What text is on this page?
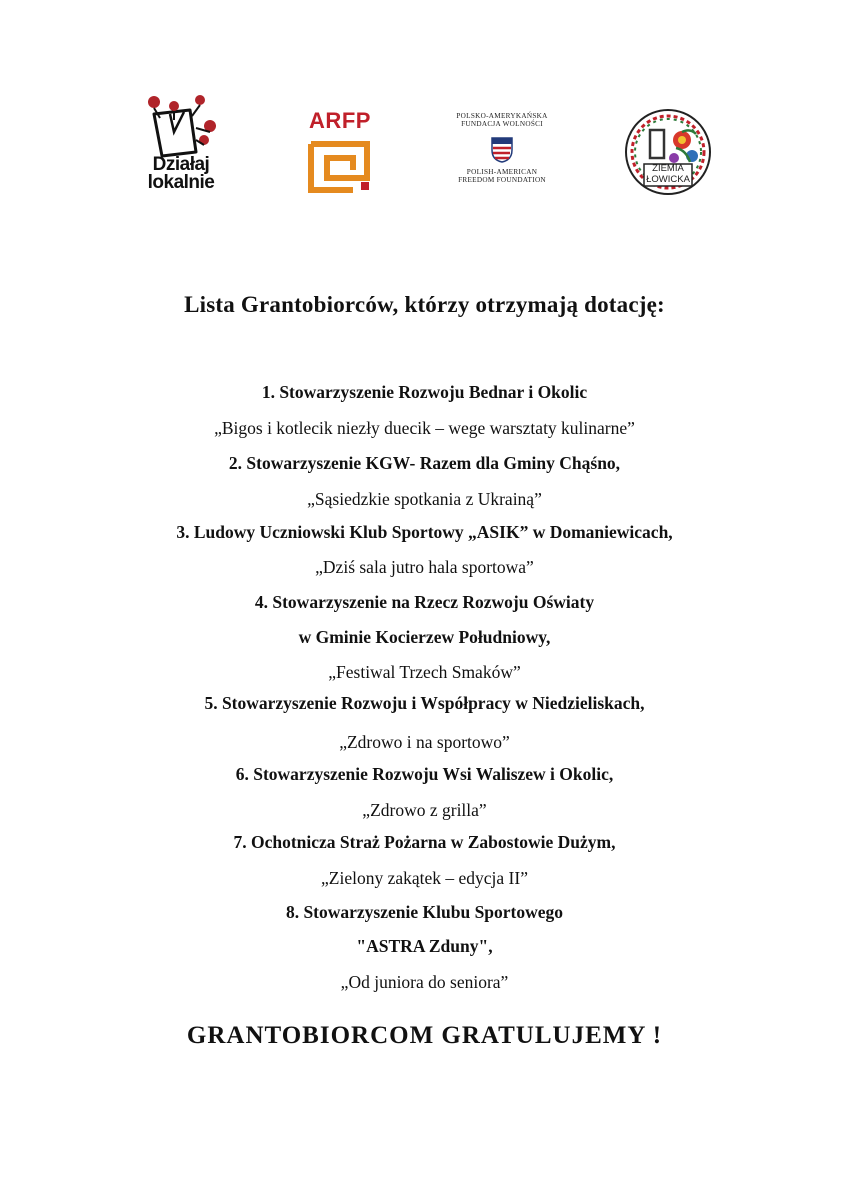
Działaj
lokalnie
ARFP	POLSKO-AMERYKAŃSKA
FUNDACJA WOLNOŚCI
POLISH-AMERICAN
FREEDOM FOUNDATION
ZIEMIA
ŁOWICKA
Lista Grantobiorców, którzy otrzymają dotację:
1. Stowarzyszenie Rozwoju Bednar i Okolic
„Bigos i kotlecik niezły duecik – wege warsztaty kulinarne”
2. Stowarzyszenie KGW- Razem dla Gminy Chąśno,
„Sąsiedzkie spotkania z Ukrainą”
3. Ludowy Uczniowski Klub Sportowy „ASIK” w Domaniewicach,
„Dziś sala jutro hala sportowa”
4. Stowarzyszenie na Rzecz Rozwoju Oświaty
w Gminie Kocierzew Południowy,
„Festiwal Trzech Smaków”
5. Stowarzyszenie Rozwoju i Współpracy w Niedzieliskach,
„Zdrowo i na sportowo”
6. Stowarzyszenie Rozwoju Wsi Waliszew i Okolic,
„Zdrowo z grilla”
7. Ochotnicza Straż Pożarna w Zabostowie Dużym,
„Zielony zakątek – edycja II”
8. Stowarzyszenie Klubu Sportowego
"ASTRA Zduny",
„Od juniora do seniora”
GRANTOBIORCOM GRATULUJEMY !
